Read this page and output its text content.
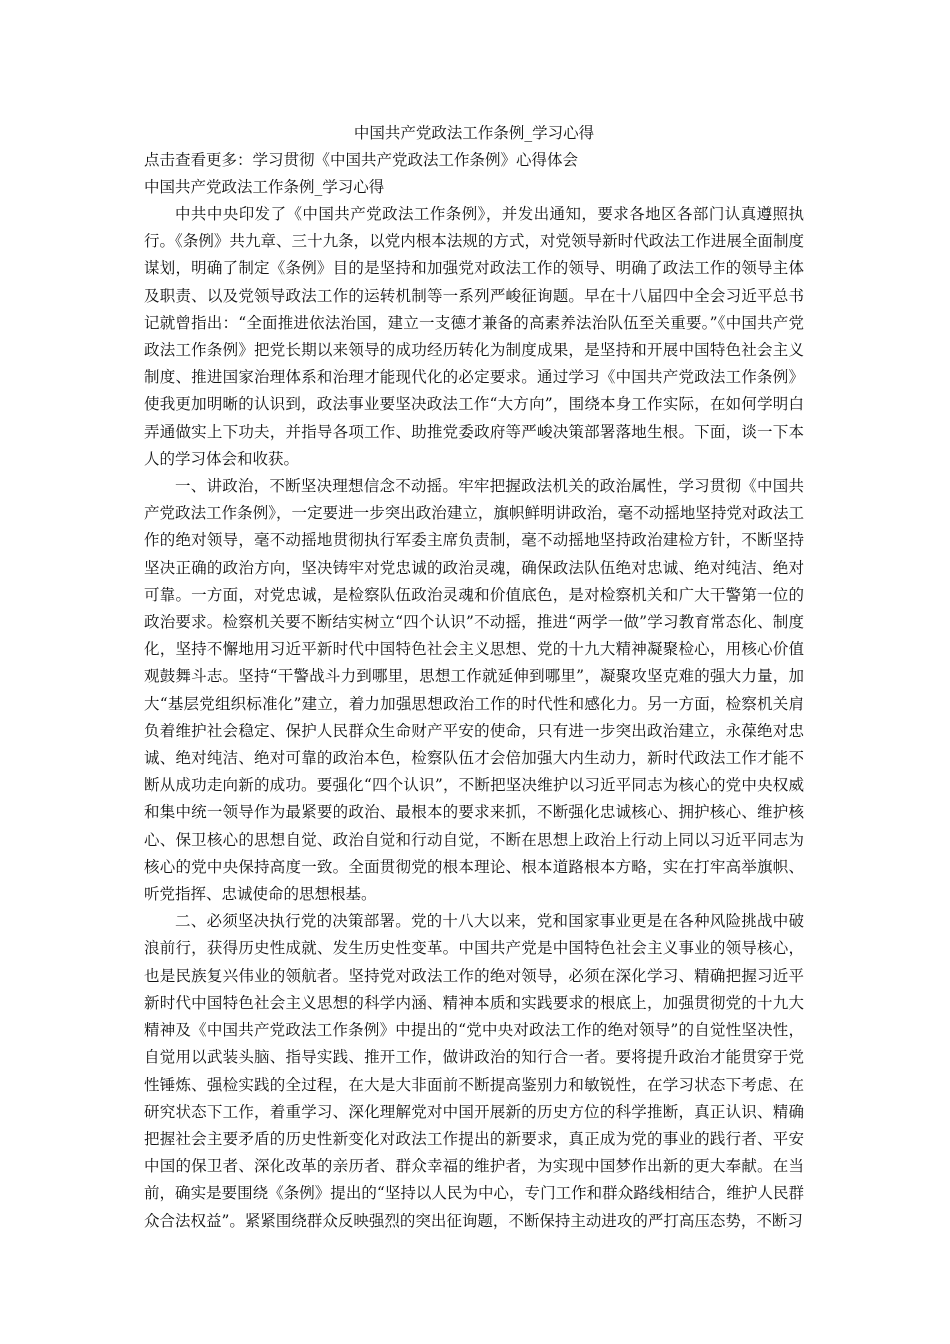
中国共产党政法工作条例_学习心得

点击查看更多：学习贯彻《中国共产党政法工作条例》心得体会

中国共产党政法工作条例_学习心得

中共中央印发了《中国共产党政法工作条例》，并发出通知，要求各地区各部门认真遵照执行。《条例》共九章、三十九条，以党内根本法规的方式，对党领导新时代政法工作进展全面制度谋划，明确了制定《条例》目的是坚持和加强党对政法工作的领导、明确了政法工作的领导主体及职责、以及党领导政法工作的运转机制等一系列严峻征询题。早在十八届四中全会习近平总书记就曾指出：“全面推进依法治国，建立一支德才兼备的高素养法治队伍至关重要。”《中国共产党政法工作条例》把党长期以来领导的成功经历转化为制度成果，是坚持和开展中国特色社会主义制度、推进国家治理体系和治理才能现代化的必定要求。通过学习《中国共产党政法工作条例》使我更加明晰的认识到，政法事业要坚决政法工作“大方向”，围绕本身工作实际，在如何学明白弄通做实上下功夫，并指导各项工作、助推党委政府等严峻决策部署落地生根。下面，谈一下本人的学习体会和收获。

一、讲政治，不断坚决理想信念不动摇。牢牢把握政法机关的政治属性，学习贯彻《中国共产党政法工作条例》，一定要进一步突出政治建立，旗帜鲜明讲政治，毫不动摇地坚持党对政法工作的绝对领导，毫不动摇地贯彻执行军委主席负责制，毫不动摇地坚持政治建检方针，不断坚持坚决正确的政治方向，坚决铸牢对党忠诚的政治灵魂，确保政法队伍绝对忠诚、绝对纯洁、绝对可靠。一方面，对党忠诚，是检察队伍政治灵魂和价值底色，是对检察机关和广大干警第一位的政治要求。检察机关要不断结实树立“四个认识”不动摇，推进“两学一做”学习教育常态化、制度化，坚持不懈地用习近平新时代中国特色社会主义思想、党的十九大精神凝聚检心，用核心价值观鼓舞斗志。坚持“干警战斗力到哪里，思想工作就延伸到哪里”，凝聚攻坚克难的强大力量，加大“基层党组织标准化”建立，着力加强思想政治工作的时代性和感化力。另一方面，检察机关肩负着维护社会稳定、保护人民群众生命财产平安的使命，只有进一步突出政治建立，永葆绝对忠诚、绝对纯洁、绝对可靠的政治本色，检察队伍才会倍加强大内生动力，新时代政法工作才能不断从成功走向新的成功。要强化“四个认识”，不断把坚决维护以习近平同志为核心的党中央权威和集中统一领导作为最紧要的政治、最根本的要求来抓，不断强化忠诚核心、拥护核心、维护核心、保卫核心的思想自觉、政治自觉和行动自觉，不断在思想上政治上行动上同以习近平同志为核心的党中央保持高度一致。全面贯彻党的根本理论、根本道路根本方略，实在打牢高举旗帜、听党指挥、忠诚使命的思想根基。

二、必须坚决执行党的决策部署。党的十八大以来，党和国家事业更是在各种风险挑战中破浪前行，获得历史性成就、发生历史性变革。中国共产党是中国特色社会主义事业的领导核心，也是民族复兴伟业的领航者。坚持党对政法工作的绝对领导，必须在深化学习、精确把握习近平新时代中国特色社会主义思想的科学内涵、精神本质和实践要求的根底上，加强贯彻党的十九大精神及《中国共产党政法工作条例》中提出的“党中央对政法工作的绝对领导”的自觉性坚决性，自觉用以武装头脑、指导实践、推开工作，做讲政治的知行合一者。要将提升政治才能贯穿于党性锤炼、强检实践的全过程，在大是大非面前不断提高鉴别力和敏锐性，在学习状态下考虑、在研究状态下工作，着重学习、深化理解党对中国开展新的历史方位的科学推断，真正认识、精确把握社会主要矛盾的历史性新变化对政法工作提出的新要求，真正成为党的事业的践行者、平安中国的保卫者、深化改革的亲历者、群众幸福的维护者，为实现中国梦作出新的更大奉献。在当前，确实是要围绕《条例》提出的“坚持以人民为中心，专门工作和群众路线相结合，维护人民群众合法权益”。紧紧围绕群众反映强烈的突出征询题，不断保持主动进攻的严打高压态势，不断习
